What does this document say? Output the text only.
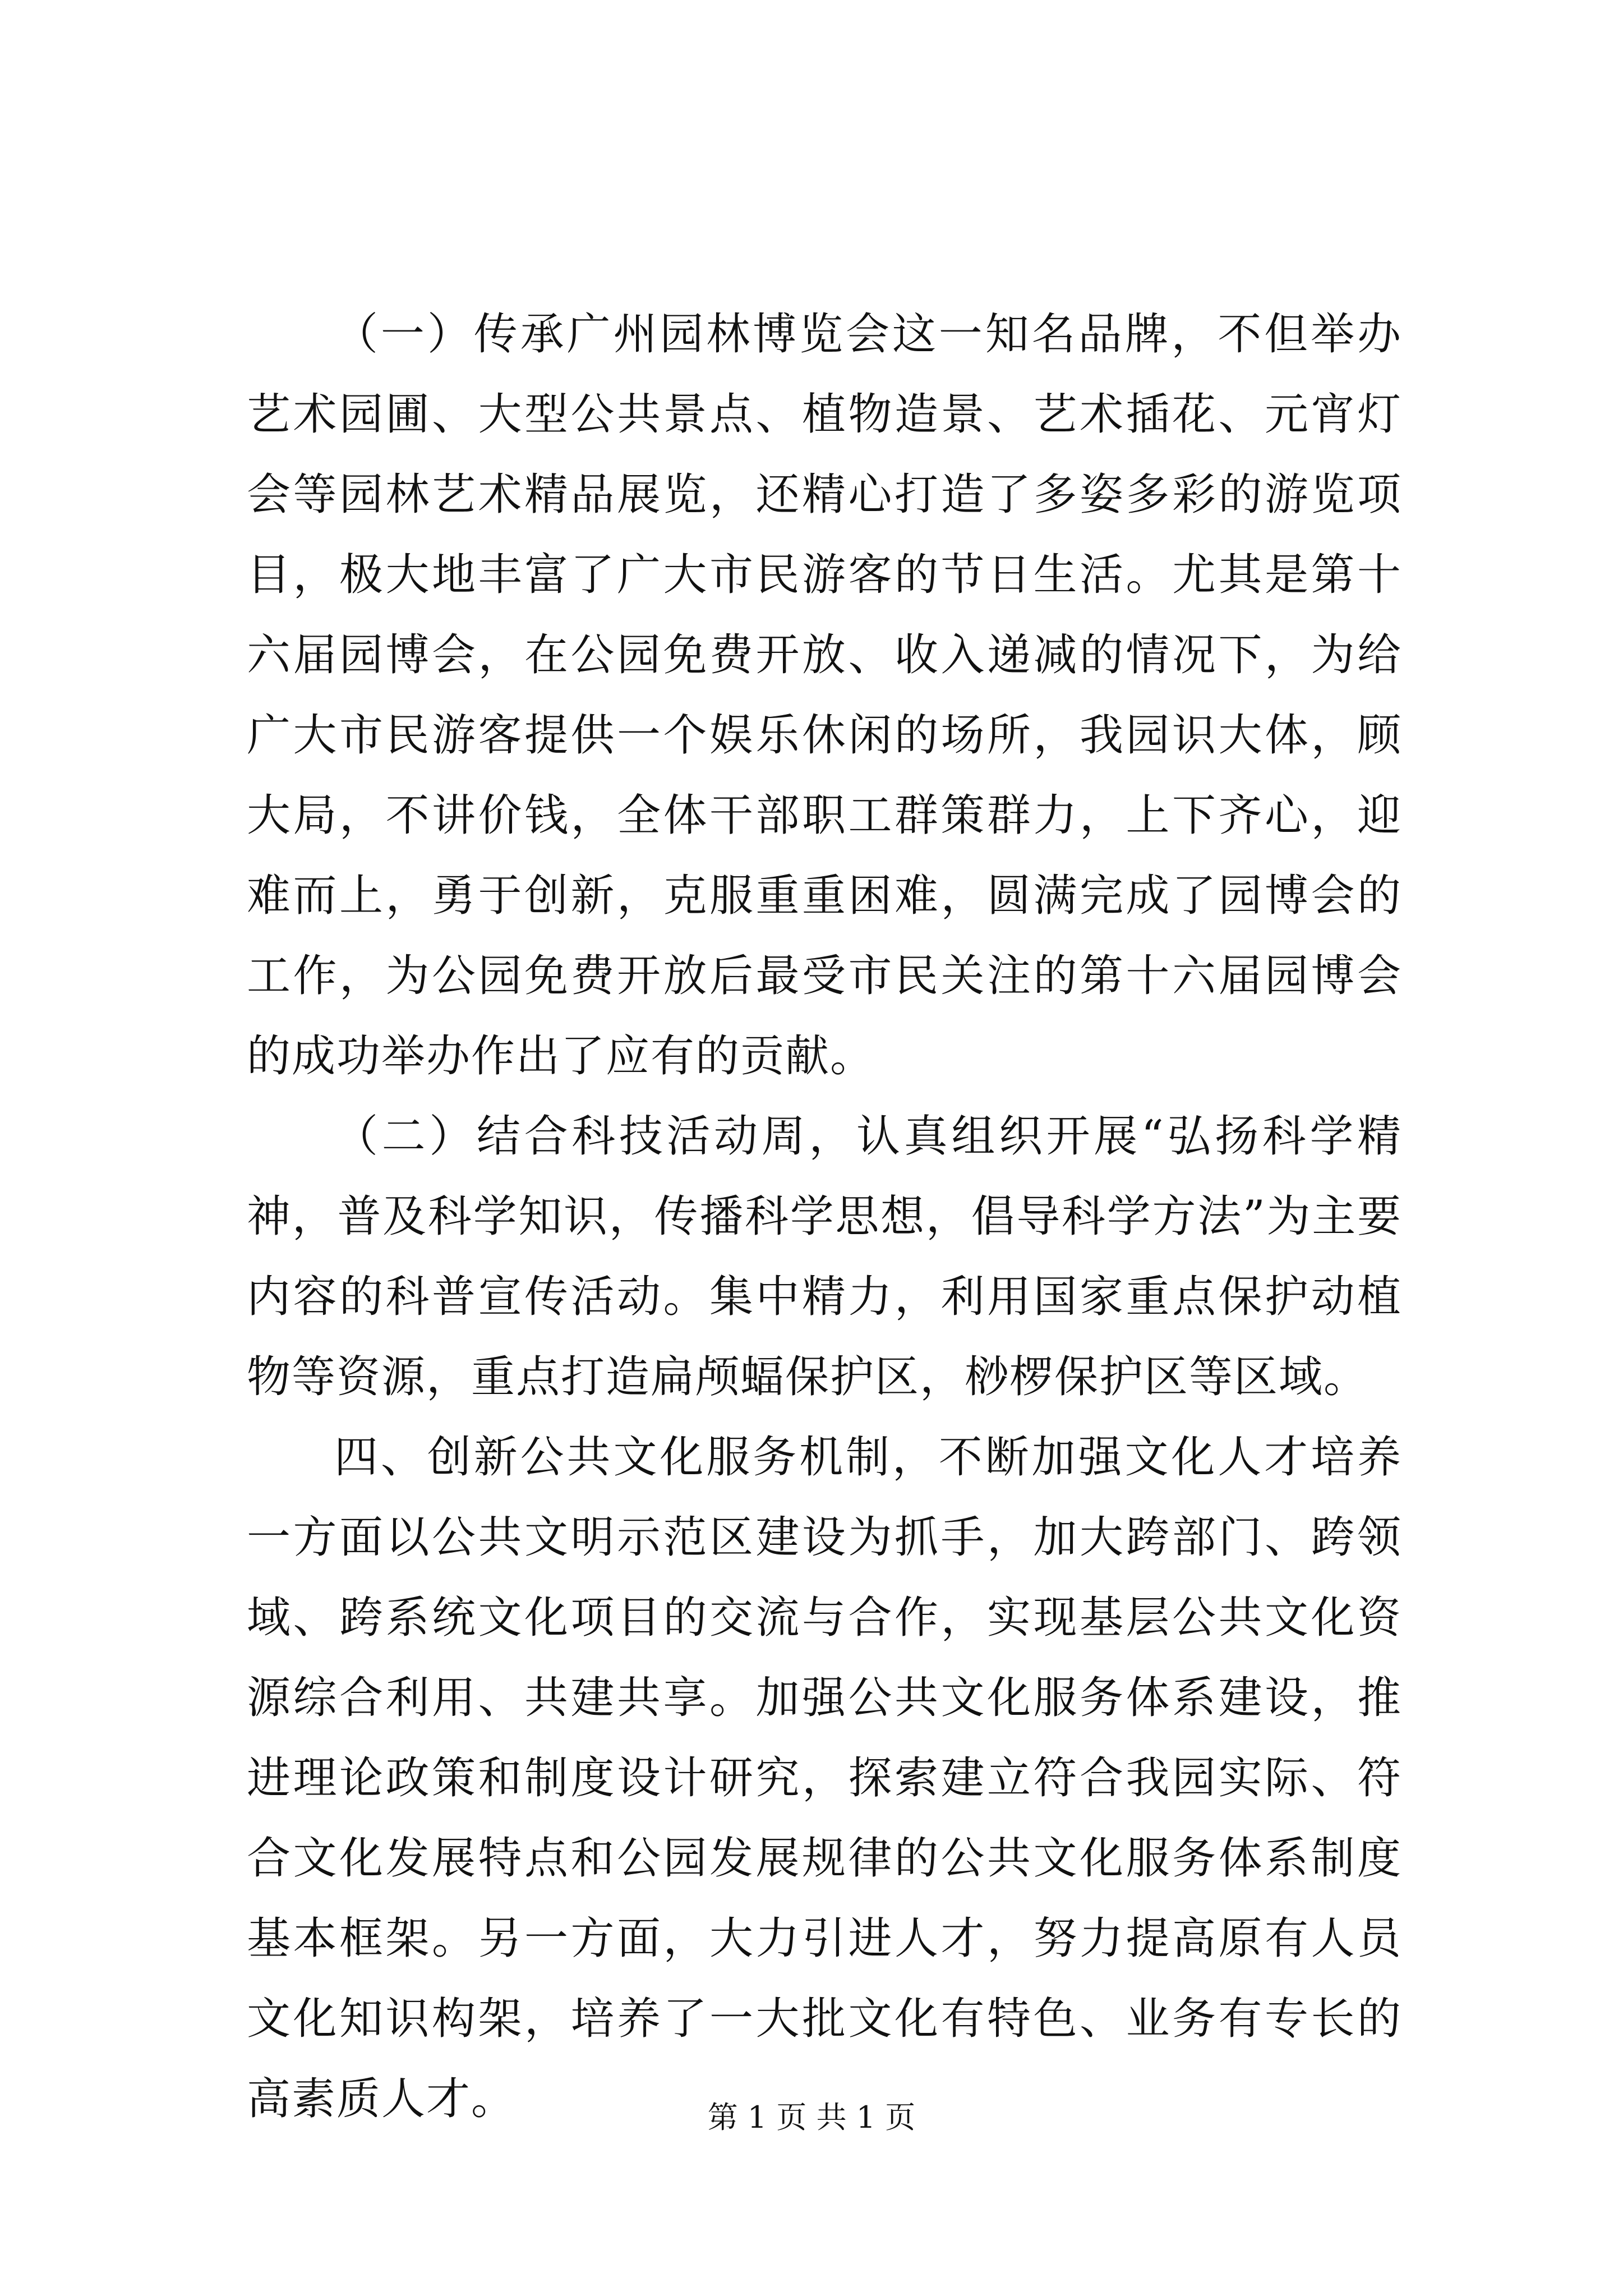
（一）传承广州园林博览会这一知名品牌，不但举办艺术园圃、大型公共景点、植物造景、艺术插花、元宵灯会等园林艺术精品展览，还精心打造了多姿多彩的游览项目，极大地丰富了广大市民游客的节日生活。尤其是第十六届园博会，在公园免费开放、收入递减的情况下，为给广大市民游客提供一个娱乐休闲的场所，我园识大体，顾大局，不讲价钱，全体干部职工群策群力，上下齐心，迎难而上，勇于创新，克服重重困难，圆满完成了园博会的工作，为公园免费开放后最受市民关注的第十六届园博会的成功举办作出了应有的贡献。

（二）结合科技活动周，认真组织开展“弘扬科学精神，普及科学知识，传播科学思想，倡导科学方法”为主要内容的科普宣传活动。集中精力，利用国家重点保护动植物等资源，重点打造扁颅蝠保护区，桫椤保护区等区域。

四、创新公共文化服务机制，不断加强文化人才培养一方面以公共文明示范区建设为抓手，加大跨部门、跨领域、跨系统文化项目的交流与合作，实现基层公共文化资源综合利用、共建共享。加强公共文化服务体系建设，推进理论政策和制度设计研究，探索建立符合我园实际、符合文化发展特点和公园发展规律的公共文化服务体系制度基本框架。另一方面，大力引进人才，努力提高原有人员文化知识构架，培养了一大批文化有特色、业务有专长的高素质人才。	第 1 页 共 1 页
